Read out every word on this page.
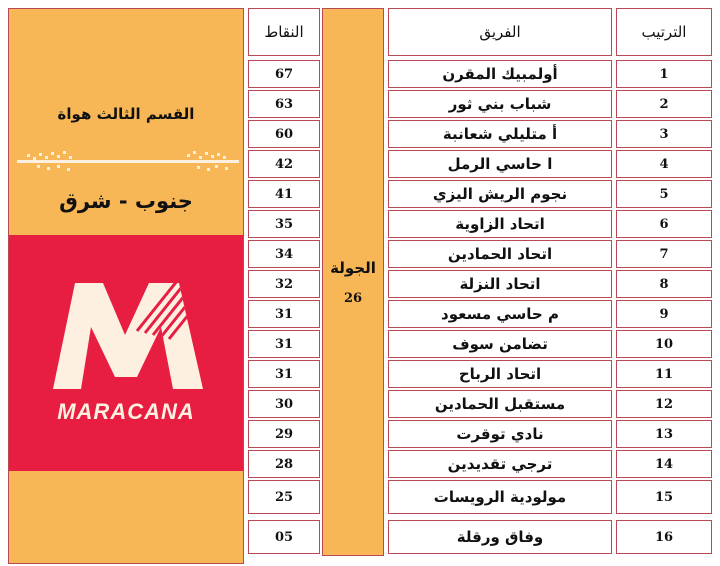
القسم الثالث هواة
جنوب - شرق
MARACANA
الجولة
26
النقاط	الفريق	الترتيب
67	أولمبيك المقرن	1
63	شباب بني ثور	2
60	أ متليلي شعانبة	3
42	ا حاسي الرمل	4
41	نجوم الريش اليزي	5
35	اتحاد الزاوية	6
34	اتحاد الحمادين	7
32	اتحاد النزلة	8
31	م حاسي مسعود	9
31	تضامن سوف	10
31	اتحاد الرباح	11
30	مستقبل الحمادين	12
29	نادي توقرت	13
28	ترجي تقديدين	14
25	مولودية الرويسات	15
05	وفاق ورقلة	16
